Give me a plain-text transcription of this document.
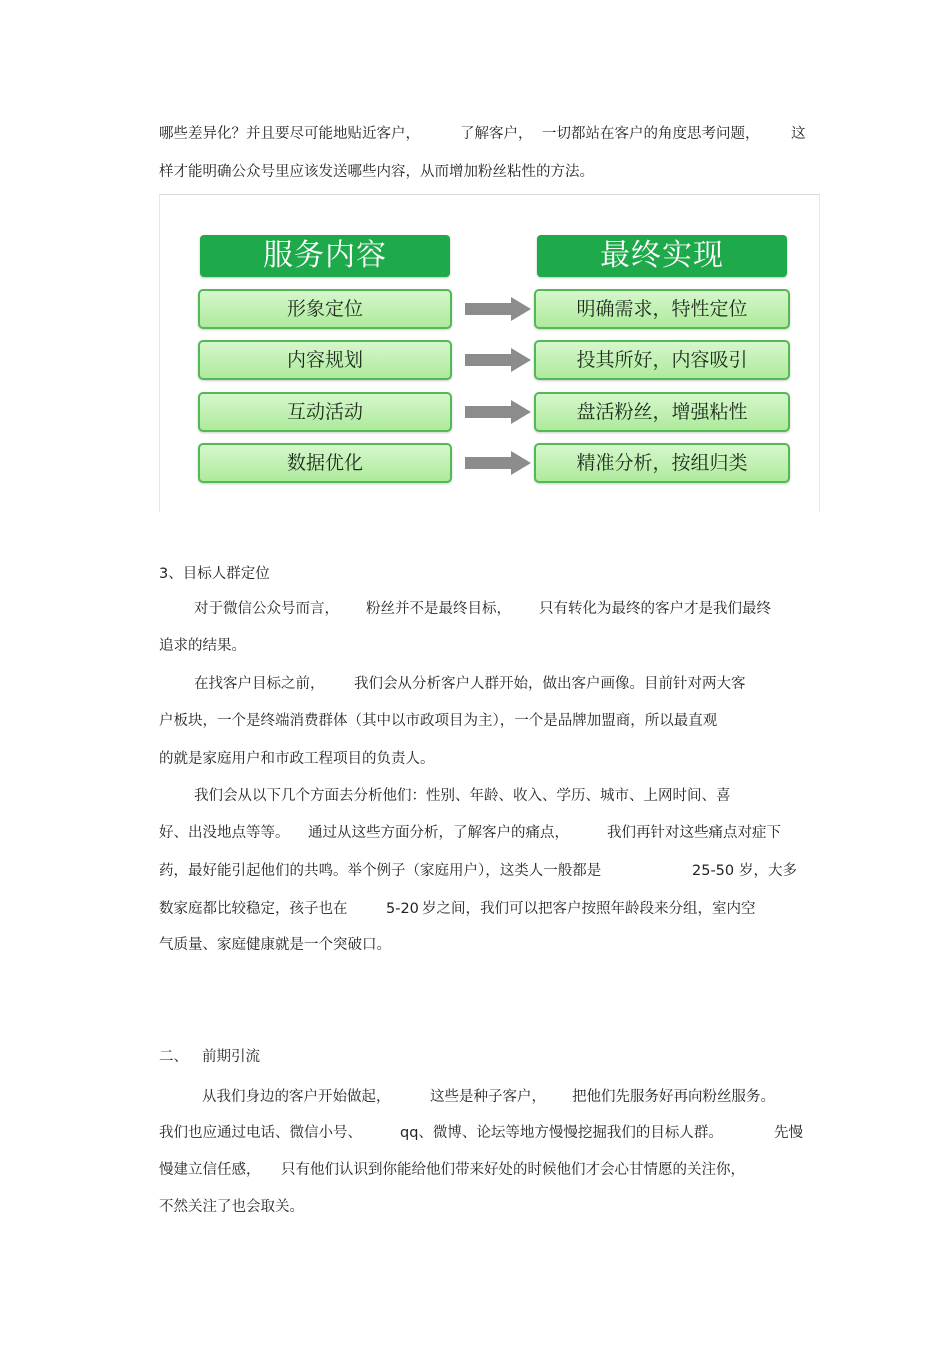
哪些差异化？并且要尽可能地贴近客户，	了解客户， 一切都站在客户的角度思考问题， 这
样才能明确公众号里应该发送哪些内容，从而增加粉丝粘性的方法。
服务内容	最终实现
形象定位	明确需求，特性定位
内容规划	投其所好，内容吸引
互动活动	盘活粉丝，增强粘性
数据优化	精准分析，按组归类
3、目标人群定位
对于微信公众号而言， 粉丝并不是最终目标， 只有转化为最终的客户才是我们最终
追求的结果。
在找客户目标之前， 我们会从分析客户人群开始，做出客户画像。目前针对两大客
户板块，一个是终端消费群体（其中以市政项目为主），一个是品牌加盟商，所以最直观
的就是家庭用户和市政工程项目的负责人。
我们会从以下几个方面去分析他们：性别、年龄、收入、学历、城市、上网时间、喜
好、出没地点等等。 通过从这些方面分析，了解客户的痛点，	我们再针对这些痛点对症下
药，最好能引起他们的共鸣。举个例子（家庭用户），这类人一般都是	25-50 岁，大多
数家庭都比较稳定，孩子也在	5-20 岁之间，我们可以把客户按照年龄段来分组，室内空
气质量、家庭健康就是一个突破口。
二、 前期引流
从我们身边的客户开始做起，	这些是种子客户， 把他们先服务好再向粉丝服务。
我们也应通过电话、微信小号、	qq、微博、论坛等地方慢慢挖掘我们的目标人群。	先慢
慢建立信任感， 只有他们认识到你能给他们带来好处的时候他们才会心甘情愿的关注你，
不然关注了也会取关。
